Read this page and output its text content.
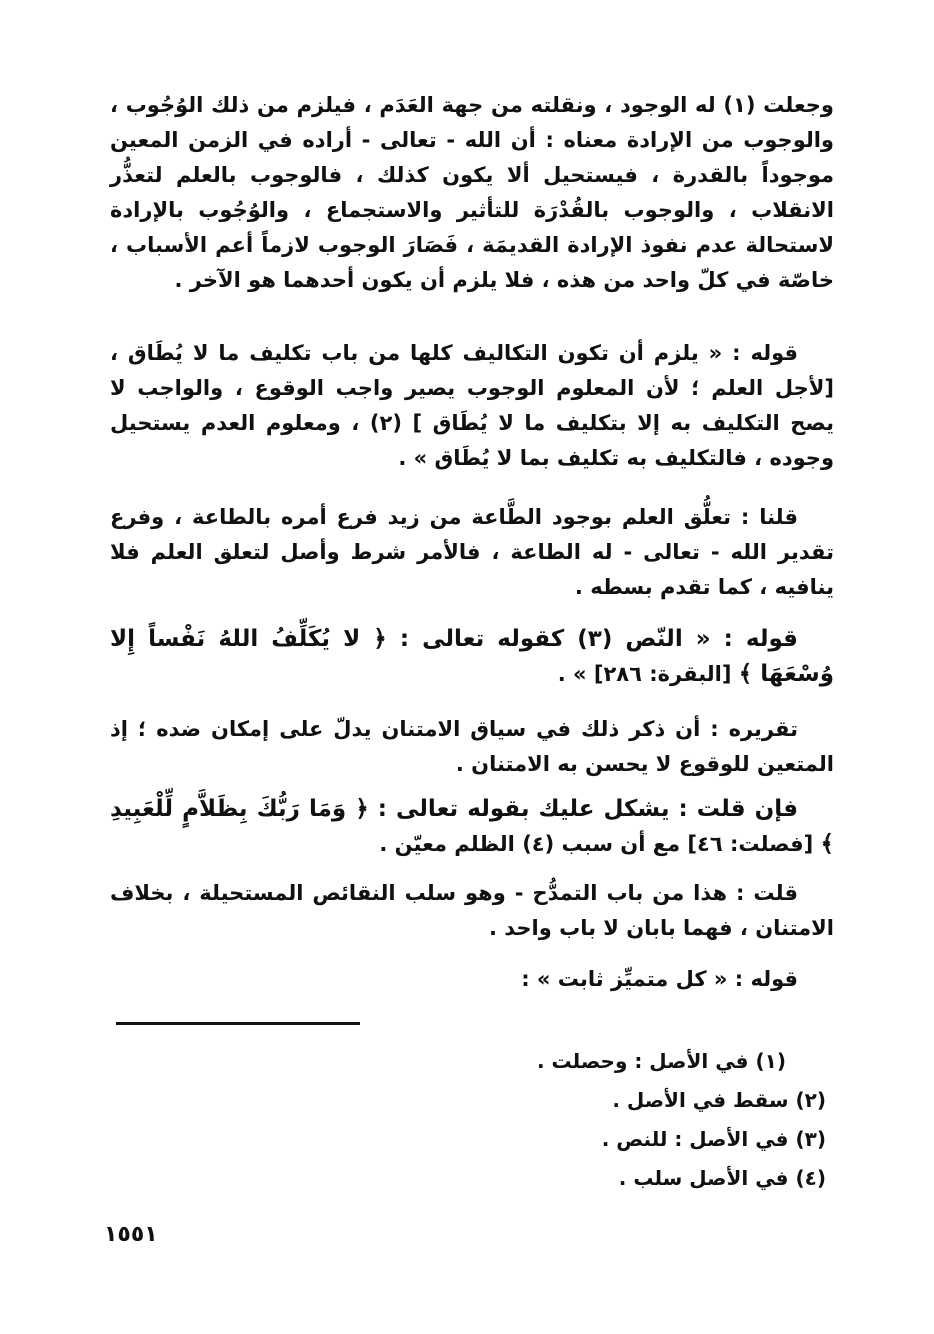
وجعلت (١) له الوجود ، ونقلته من جهة العَدَم ، فيلزم من ذلك الوُجُوب ، والوجوب من الإرادة معناه : أن الله - تعالى - أراده في الزمن المعين موجوداً بالقدرة ، فيستحيل ألا يكون كذلك ، فالوجوب بالعلم لتعذُّر الانقلاب ، والوجوب بالقُدْرَة للتأثير والاستجماع ، والوُجُوب بالإرادة لاستحالة عدم نفوذ الإرادة القديمَة ، فَصَارَ الوجوب لازماً أعم الأسباب ، خاصّة في كلّ واحد من هذه ، فلا يلزم أن يكون أحدهما هو الآخر .

قوله : « يلزم أن تكون التكاليف كلها من باب تكليف ما لا يُطَاق ، [لأجل العلم ؛ لأن المعلوم الوجوب يصير واجب الوقوع ، والواجب لا يصح التكليف به إلا بتكليف ما لا يُطَاق ] (٢) ، ومعلوم العدم يستحيل وجوده ، فالتكليف به تكليف بما لا يُطَاق » .

قلنا : تعلُّق العلم بوجود الطَّاعة من زيد فرع أمره بالطاعة ، وفرع تقدير الله - تعالى - له الطاعة ، فالأمر شرط وأصل لتعلق العلم فلا ينافيه ، كما تقدم بسطه .

قوله : « النّص (٣) كقوله تعالى : ﴿ لا يُكَلِّفُ اللهُ نَفْساً إِلا وُسْعَهَا ﴾ [البقرة: ٢٨٦] » .

تقريره : أن ذكر ذلك في سياق الامتنان يدلّ على إمكان ضده ؛ إذ المتعين للوقوع لا يحسن به الامتنان .

فإن قلت : يشكل عليك بقوله تعالى : ﴿ وَمَا رَبُّكَ بِظَلاَّمٍ لِّلْعَبِيدِ ﴾ [فصلت: ٤٦] مع أن سبب (٤) الظلم معيّن .

قلت : هذا من باب التمدُّح - وهو سلب النقائص المستحيلة ، بخلاف الامتنان ، فهما بابان لا باب واحد .

قوله : « كل متميِّز ثابت » :

(١) في الأصل : وحصلت .

(٢) سقط في الأصل .

(٣) في الأصل : للنص .

(٤) في الأصل سلب .

١٥٥١
